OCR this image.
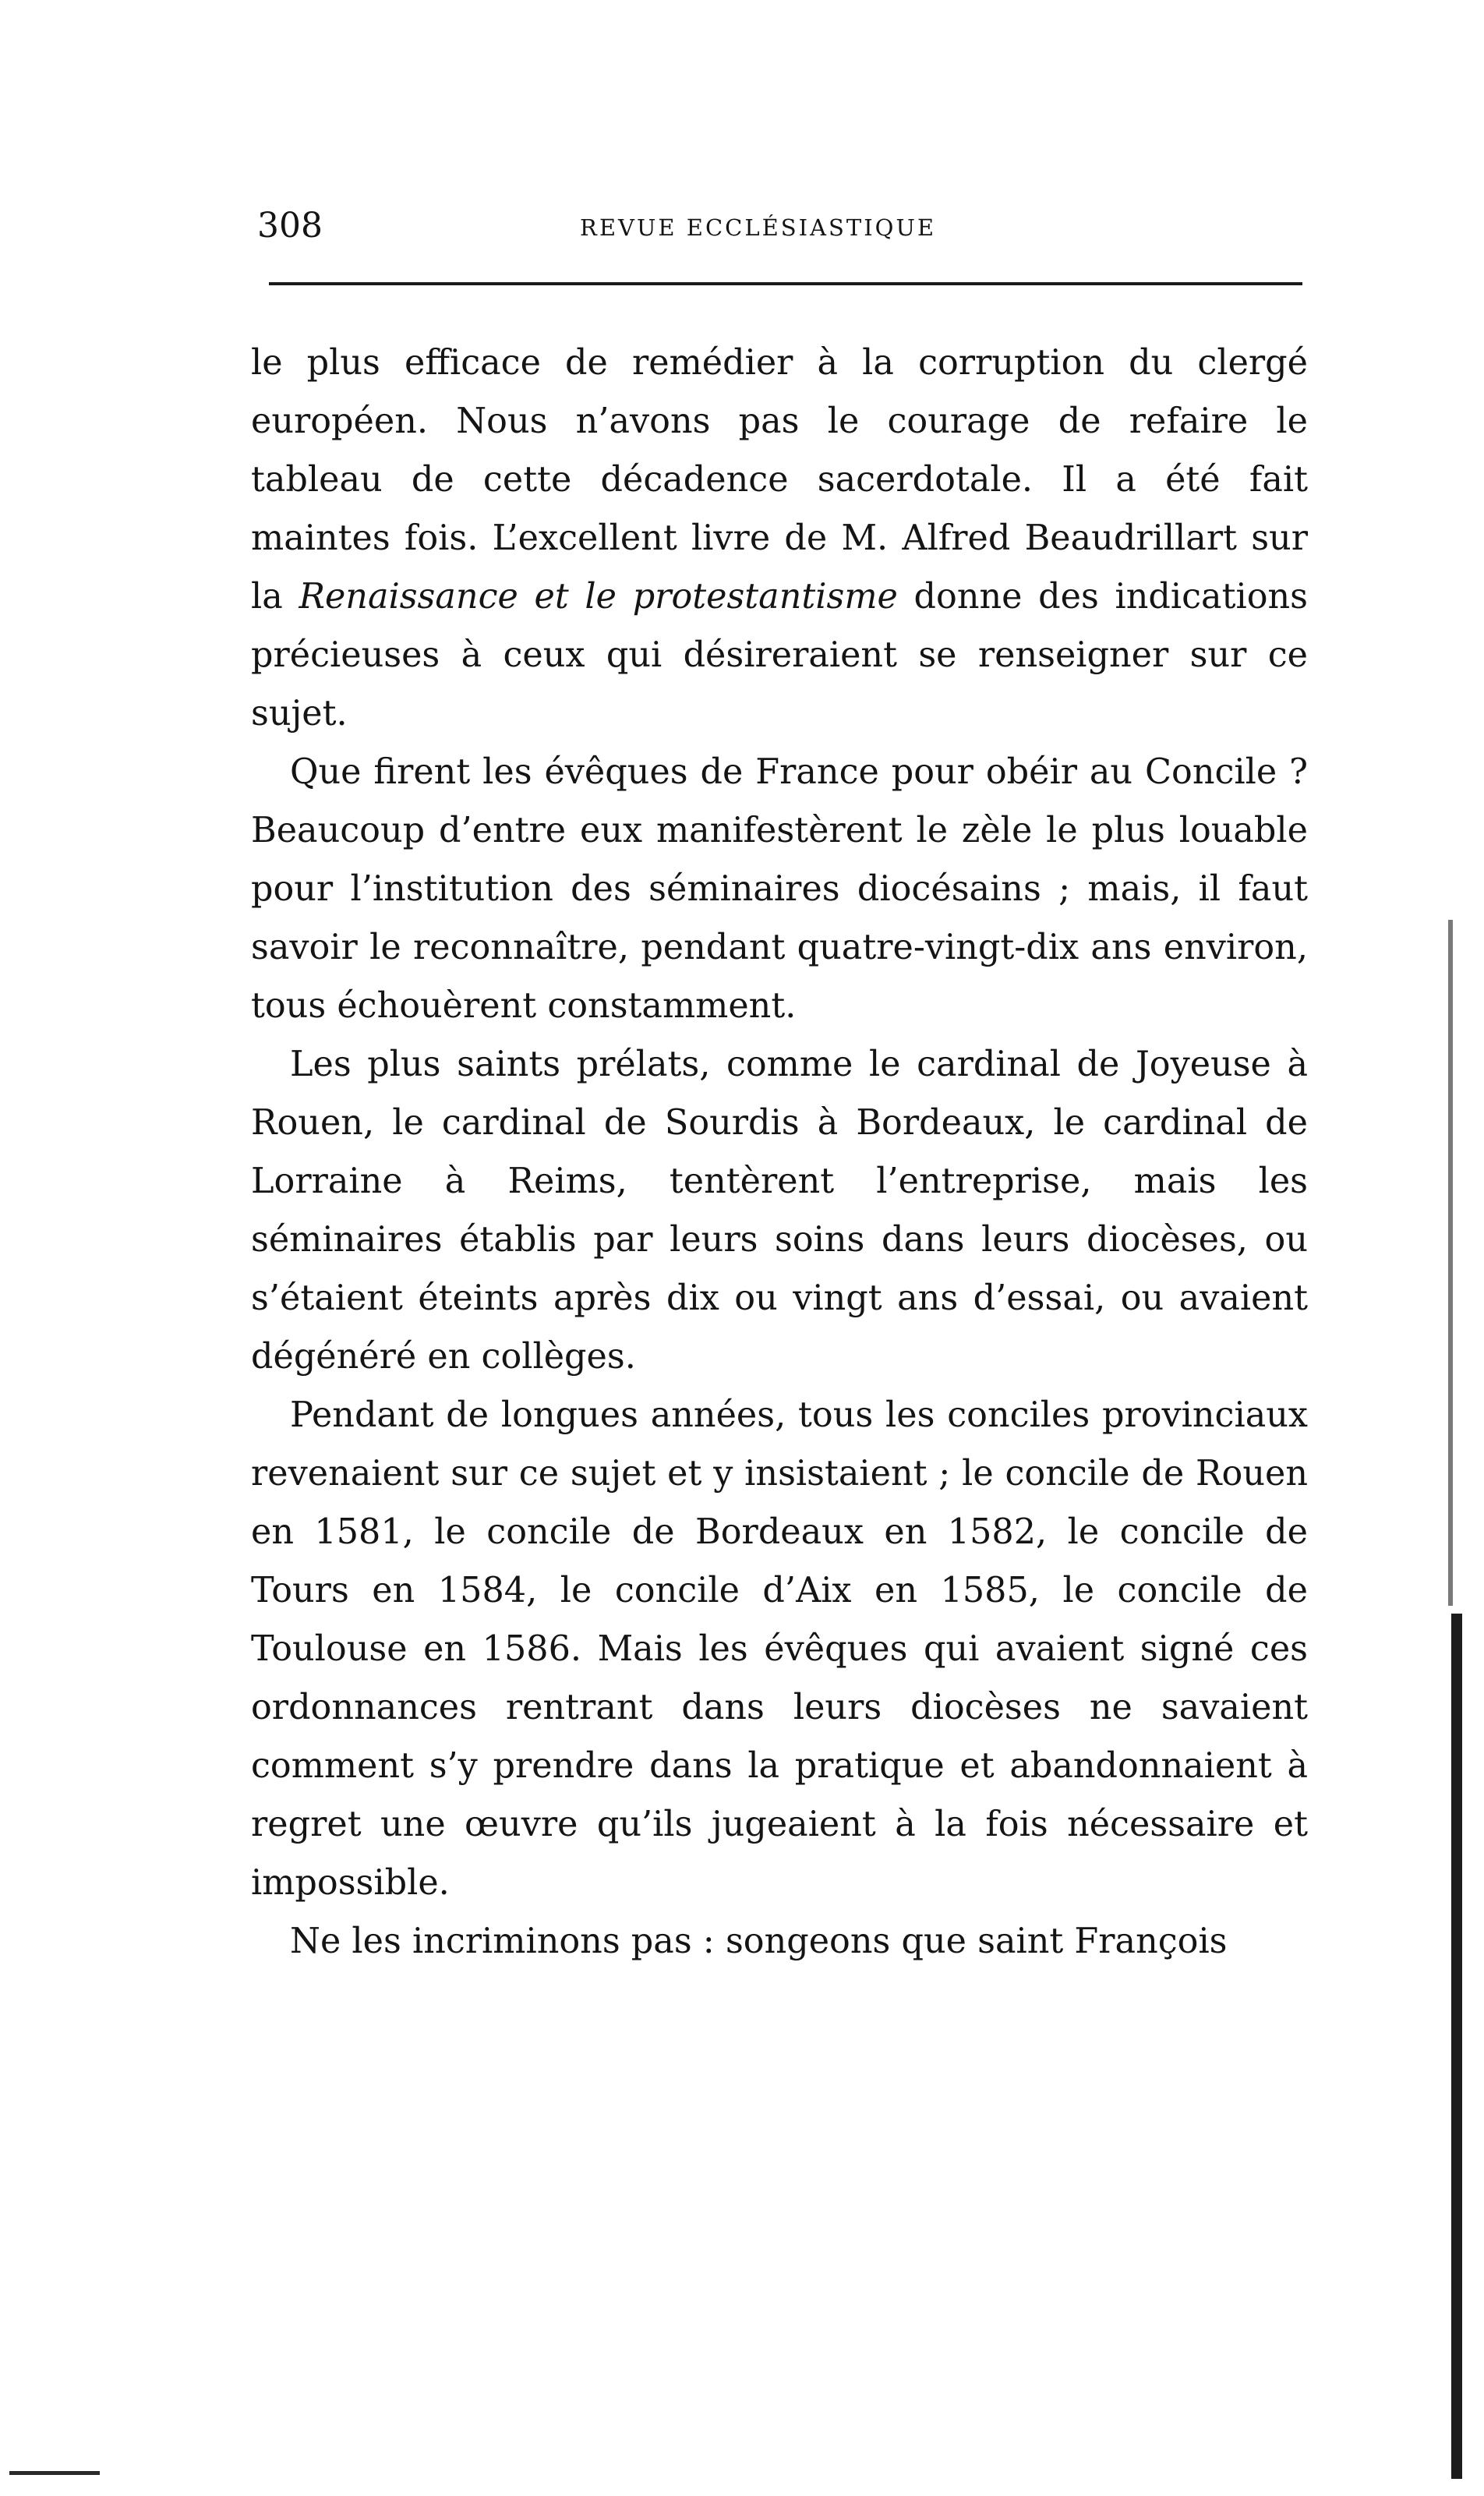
308	REVUE ECCLÉSIASTIQUE

le plus efficace de remédier à la corruption du clergé européen. Nous n’avons pas le courage de refaire le tableau de cette décadence sacerdotale. Il a été fait maintes fois. L’excellent livre de M. Alfred Beaudrillart sur la Renaissance et le protestantisme donne des indications précieuses à ceux qui désireraient se renseigner sur ce sujet.

Que firent les évêques de France pour obéir au Concile ? Beaucoup d’entre eux manifestèrent le zèle le plus louable pour l’institution des séminaires diocésains ; mais, il faut savoir le reconnaître, pendant quatre-vingt-dix ans environ, tous échouèrent constamment.

Les plus saints prélats, comme le cardinal de Joyeuse à Rouen, le cardinal de Sourdis à Bordeaux, le cardinal de Lorraine à Reims, tentèrent l’entreprise, mais les séminaires établis par leurs soins dans leurs diocèses, ou s’étaient éteints après dix ou vingt ans d’essai, ou avaient dégénéré en collèges.

Pendant de longues années, tous les conciles provinciaux revenaient sur ce sujet et y insistaient ; le concile de Rouen en 1581, le concile de Bordeaux en 1582, le concile de Tours en 1584, le concile d’Aix en 1585, le concile de Toulouse en 1586. Mais les évêques qui avaient signé ces ordonnances rentrant dans leurs diocèses ne savaient comment s’y prendre dans la pratique et abandonnaient à regret une œuvre qu’ils jugeaient à la fois nécessaire et impossible.

Ne les incriminons pas : songeons que saint François
